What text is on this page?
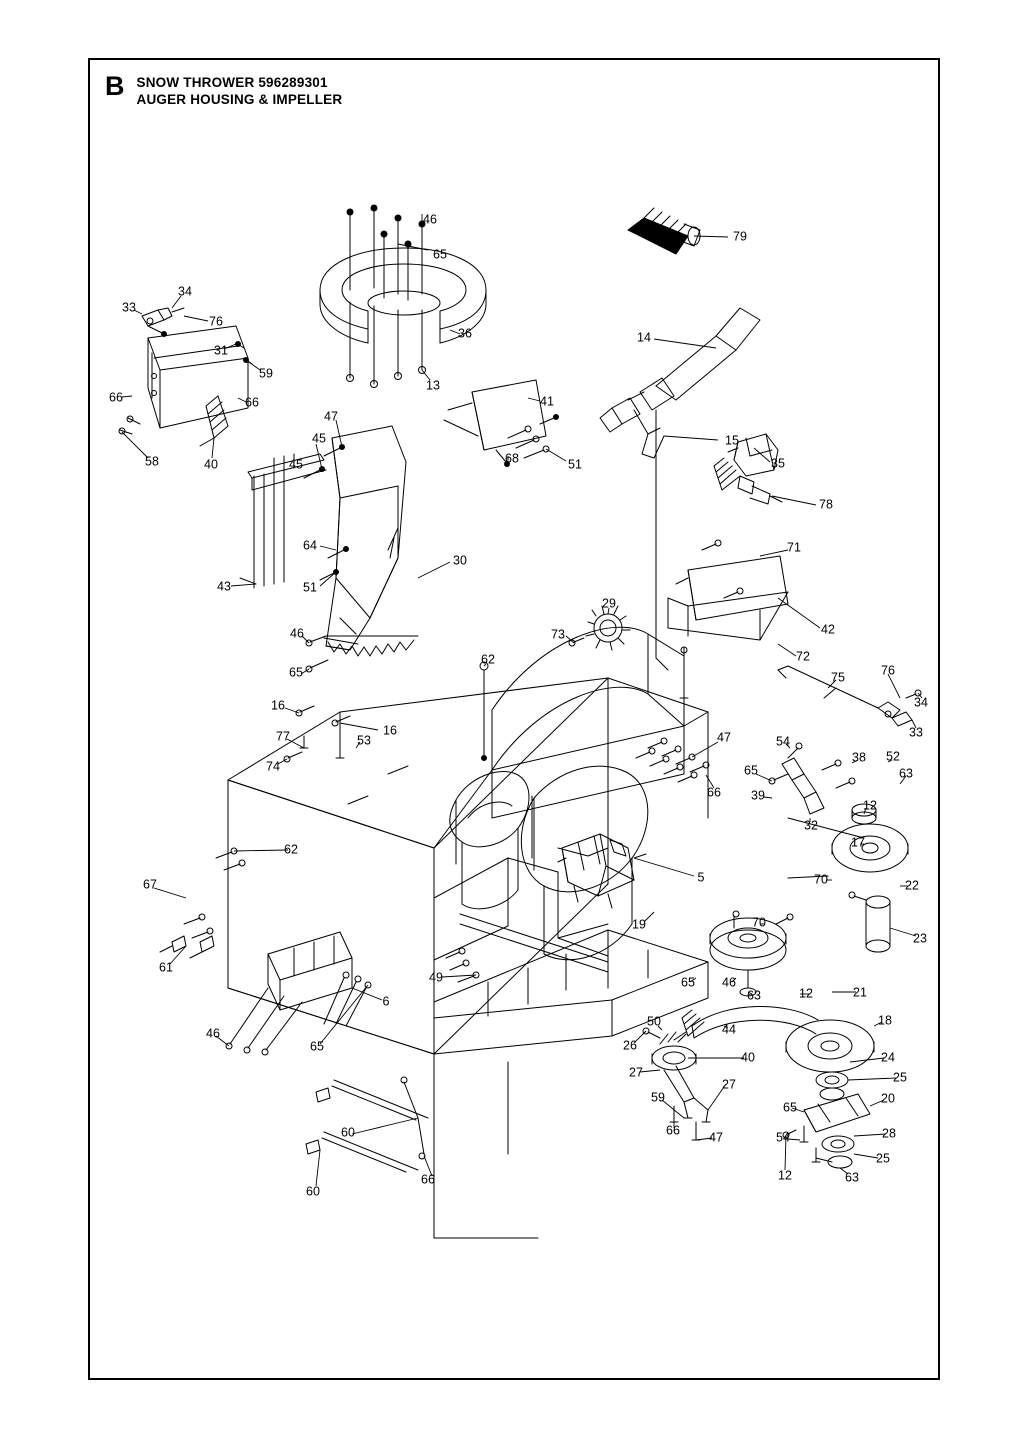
B SNOW THROWER 596289301
AUGER HOUSING & IMPELLER
46
65
79
34
33
76
36	14
31
59
13
66	66
15
41
47
58	40
45
51
68	35
45
78
43
64
51
30
71
29
73	42
46
65
62	72
75	76
16
16
34
77	53
33
47	54
74	65
38 52
63
66 39
12
32
17
62
70	22
67	5
19	70
23
61
49	65 46
63	12	21
6
50
44
18
46
26
65
40	24
27	25
27
59	20
65
66 47	28
54
60
25
12	63
66
60
